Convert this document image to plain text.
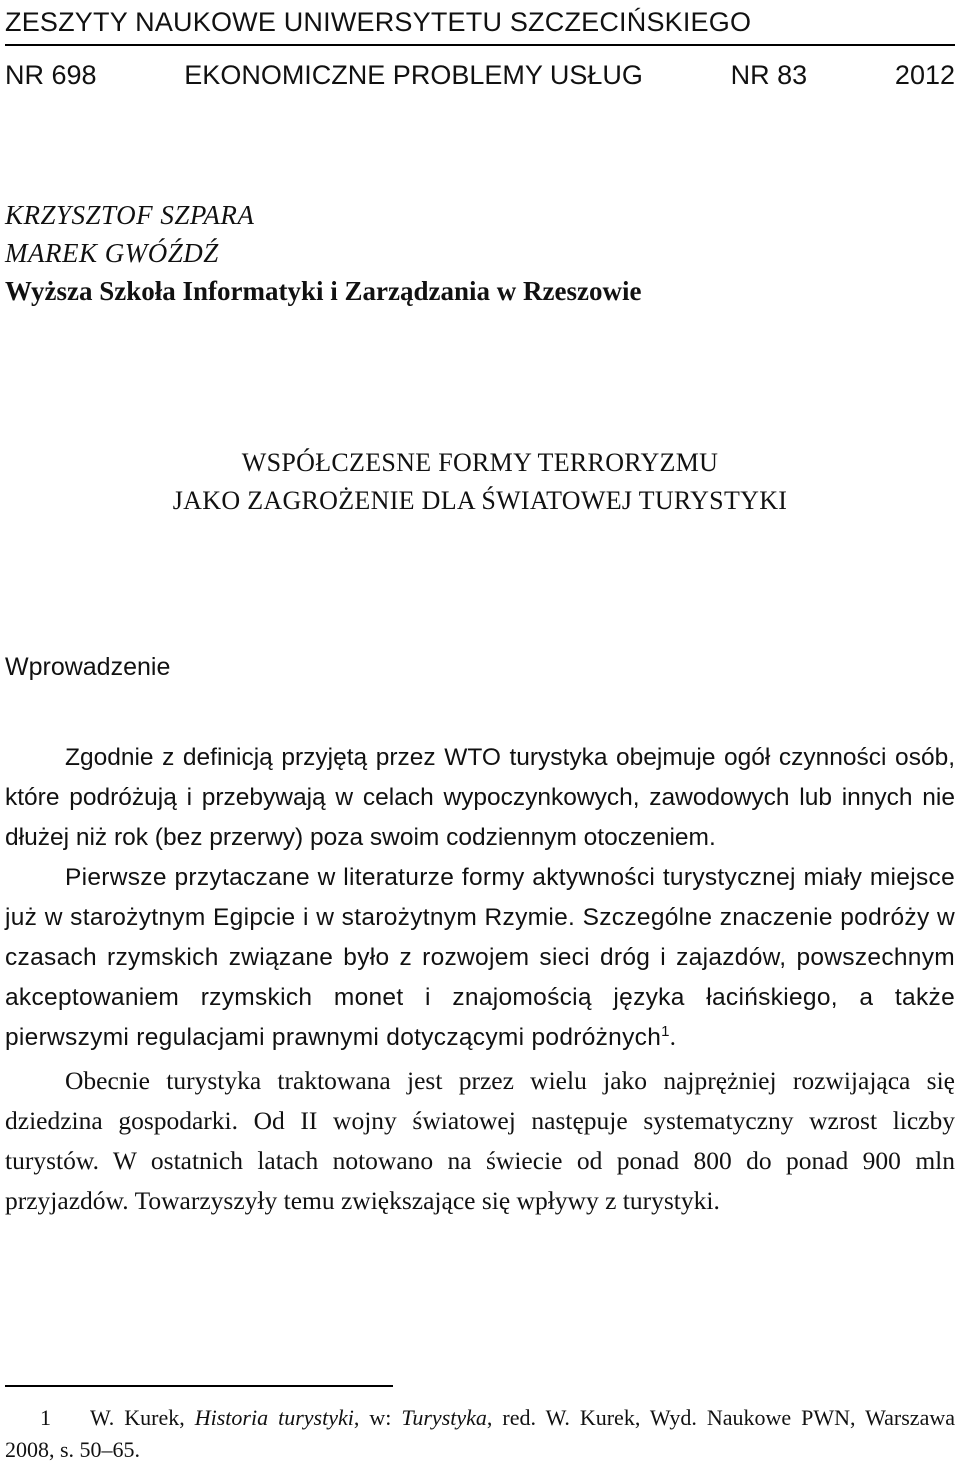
ZESZYTY NAUKOWE UNIWERSYTETU SZCZECIŃSKIEGO
NR 698	EKONOMICZNE PROBLEMY USŁUG	NR 83	2012
KRZYSZTOF SZPARA
MAREK GWÓŹDŹ
Wyższa Szkoła Informatyki i Zarządzania w Rzeszowie
WSPÓŁCZESNE FORMY TERRORYZMU
JAKO ZAGROŻENIE DLA ŚWIATOWEJ TURYSTYKI
Wprowadzenie

Zgodnie z definicją przyjętą przez WTO turystyka obejmuje ogół czynności osób, które podróżują i przebywają w celach wypoczynkowych, zawodowych lub innych nie dłużej niż rok (bez przerwy) poza swoim codziennym otoczeniem.

Pierwsze przytaczane w literaturze formy aktywności turystycznej miały miejsce już w starożytnym Egipcie i w starożytnym Rzymie. Szczególne znaczenie podróży w czasach rzymskich związane było z rozwojem sieci dróg i zajazdów, powszechnym akceptowaniem rzymskich monet i znajomością języka łacińskiego, a także pierwszymi regulacjami prawnymi dotyczącymi podróżnych$^1$.

Obecnie turystyka traktowana jest przez wielu jako najprężniej rozwijająca się dziedzina gospodarki. Od II wojny światowej następuje systematyczny wzrost liczby turystów. W ostatnich latach notowano na świecie od ponad 800 do ponad 900 mln przyjazdów. Towarzyszyły temu zwiększające się wpływy z turystyki.

1 W. Kurek, Historia turystyki, w: Turystyka, red. W. Kurek, Wyd. Naukowe PWN, Warszawa 2008, s. 50–65.
